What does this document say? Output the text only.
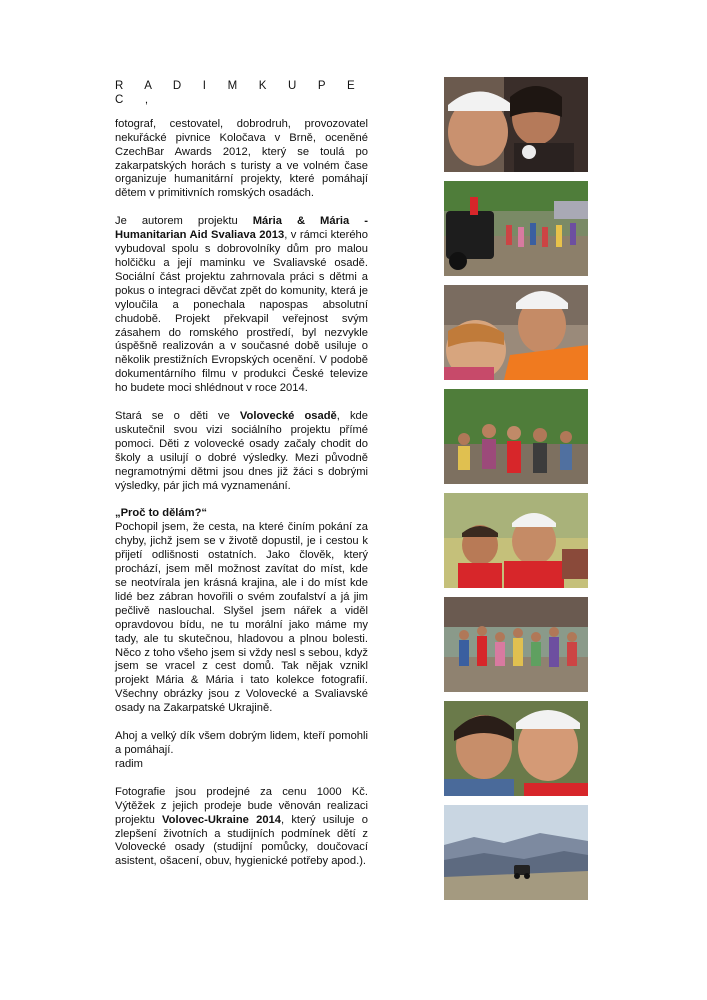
R A D I M K U P E C ,

fotograf, cestovatel, dobrodruh, provozovatel nekuřácké pivnice Koločava v Brně, oceněné CzechBar Awards 2012, který se toulá po zakarpatských horách s turisty a ve volném čase organizuje humanitární projekty, které pomáhají dětem v primitivních romských osadách.

Je autorem projektu Mária & Mária - Humanitarian Aid Svaliava 2013, v rámci kterého vybudoval spolu s dobrovolníky dům pro malou holčičku a její maminku ve Svaliavské osadě. Sociální část projektu zahrnovala práci s dětmi a pokus o integraci děvčat zpět do komunity, která je vyloučila a ponechala napospas absolutní chudobě. Projekt překvapil veřejnost svým zásahem do romského prostředí, byl nezvykle úspěšně realizován a v současné době usiluje o několik prestižních Evropských ocenění. V podobě dokumentárního filmu v produkci České televize ho budete moci shlédnout v roce 2014.

Stará se o děti ve Volovecké osadě, kde uskutečnil svou vizi sociálního projektu přímé pomoci. Děti z volovecké osady začaly chodit do školy a usilují o dobré výsledky. Mezi původně negramotnými dětmi jsou dnes již žáci s dobrými výsledky, pár jich má vyznamenání.

„Proč to dělám?“

Pochopil jsem, že cesta, na které činím pokání za chyby, jichž jsem se v životě dopustil, je i cestou k přijetí odlišnosti ostatních. Jako člověk, který prochází, jsem měl možnost zavítat do míst, kde se neotvírala jen krásná krajina, ale i do míst kde lidé bez zábran hovořili o svém zoufalství a já jim pečlivě naslouchal. Slyšel jsem nářek a viděl opravdovou bídu, ne tu morální jako máme my tady, ale tu skutečnou, hladovou a plnou bolesti. Něco z toho všeho jsem si vždy nesl s sebou, když jsem se vracel z cest domů. Tak nějak vznikl projekt Mária & Mária i tato kolekce fotografií. Všechny obrázky jsou z Volovecké a Svaliavské osady na Zakarpatské Ukrajině.

Ahoj a velký dík všem dobrým lidem, kteří pomohli a pomáhají.
radim

Fotografie jsou prodejné za cenu 1000 Kč. Výtěžek z jejich prodeje bude věnován realizaci projektu Volovec-Ukraine 2014, který usiluje o zlepšení životních a studijních podmínek dětí z Volovecké osady (studijní pomůcky, doučovací asistent, ošacení, obuv, hygienické potřeby apod.).
